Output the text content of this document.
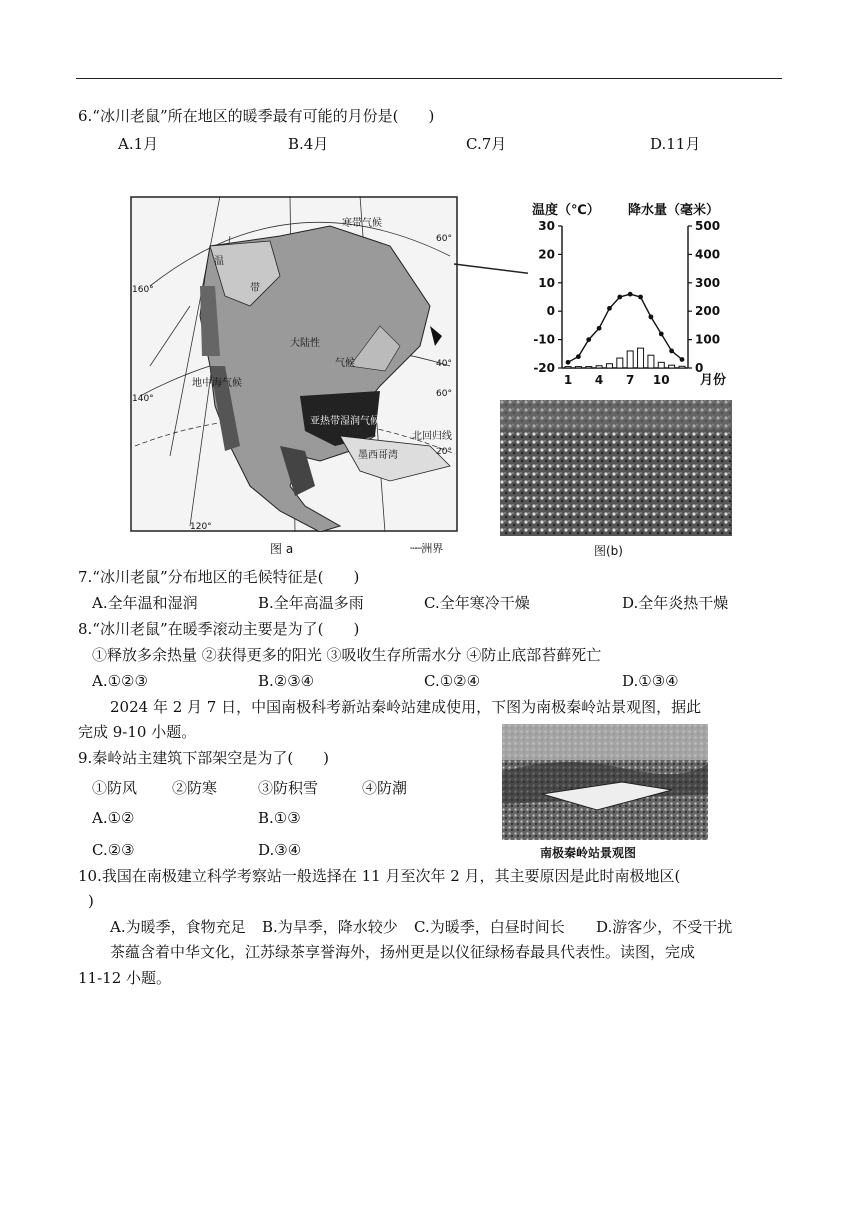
6.“冰川老鼠”所在地区的暖季最有可能的月份是(　　)
A.1月	B.4月	C.7月	D.11月
寒带气候
温
带
大陆性
气候
亚热带湿润气候
北回归线
墨西哥湾
地中海气候
160°
140°
120°
60°
40°
20°
60°
图 a	┄┄洲界
温度（℃） 降水量（毫米）
30
20
10
0
-10
-20
500
400
300
200
100
0
1 4 7 10 月份
图(b)
7.“冰川老鼠”分布地区的毛候特征是(　　)
A.全年温和湿润	B.全年高温多雨	C.全年寒冷干燥	D.全年炎热干燥
8.“冰川老鼠”在暖季滚动主要是为了(　　)
①释放多余热量 ②获得更多的阳光 ③吸收生存所需水分 ④防止底部苔藓死亡
A.①②③	B.②③④	C.①②④	D.①③④
2024 年 2 月 7 日，中国南极科考新站秦岭站建成使用，下图为南极秦岭站景观图，据此
完成 9-10 小题。
9.秦岭站主建筑下部架空是为了(　　)
①防风 ②防寒	③防积雪	④防潮
A.①②	B.①③
C.②③	D.③④	南极秦岭站景观图
10.我国在南极建立科学考察站一般选择在 11 月至次年 2 月，其主要原因是此时南极地区(
)
A.为暖季，食物充足 B.为旱季，降水较少 C.为暖季，白昼时间长 D.游客少，不受干扰
茶蕴含着中华文化，江苏绿茶享誉海外，扬州更是以仪征绿杨春最具代表性。读图，完成
11-12 小题。
